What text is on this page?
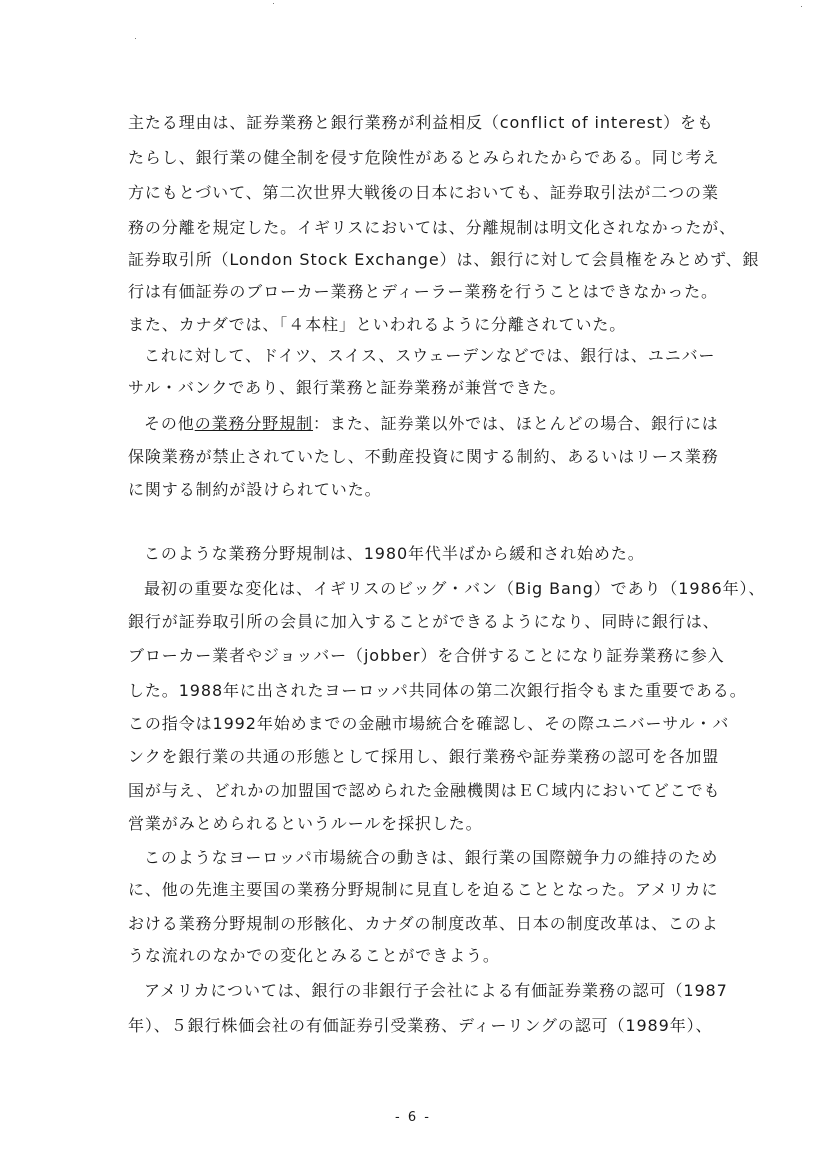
主たる理由は、証券業務と銀行業務が利益相反（conflict of interest）をも
たらし、銀行業の健全制を侵す危険性があるとみられたからである。同じ考え
方にもとづいて、第二次世界大戦後の日本においても、証券取引法が二つの業
務の分離を規定した。イギリスにおいては、分離規制は明文化されなかったが、
証券取引所（London Stock Exchange）は、銀行に対して会員権をみとめず、銀
行は有価証券のブローカー業務とディーラー業務を行うことはできなかった。
また、カナダでは、「４本柱」といわれるように分離されていた。
これに対して、ドイツ、スイス、スウェーデンなどでは、銀行は、ユニバー
サル・バンクであり、銀行業務と証券業務が兼営できた。
その他の業務分野規制：また、証券業以外では、ほとんどの場合、銀行には
保険業務が禁止されていたし、不動産投資に関する制約、あるいはリース業務
に関する制約が設けられていた。
このような業務分野規制は、1980年代半ばから緩和され始めた。
最初の重要な変化は、イギリスのビッグ・バン（Big Bang）であり（1986年）、
銀行が証券取引所の会員に加入することができるようになり、同時に銀行は、
ブローカー業者やジョッバー（jobber）を合併することになり証券業務に参入
した。1988年に出されたヨーロッパ共同体の第二次銀行指令もまた重要である。
この指令は1992年始めまでの金融市場統合を確認し、その際ユニバーサル・バ
ンクを銀行業の共通の形態として採用し、銀行業務や証券業務の認可を各加盟
国が与え、どれかの加盟国で認められた金融機関はＥＣ域内においてどこでも
営業がみとめられるというルールを採択した。
このようなヨーロッパ市場統合の動きは、銀行業の国際競争力の維持のため
に、他の先進主要国の業務分野規制に見直しを迫ることとなった。アメリカに
おける業務分野規制の形骸化、カナダの制度改革、日本の制度改革は、このよ
うな流れのなかでの変化とみることができよう。
アメリカについては、銀行の非銀行子会社による有価証券業務の認可（1987
年）、５銀行株価会社の有価証券引受業務、ディーリングの認可（1989年）、
- 6 -
